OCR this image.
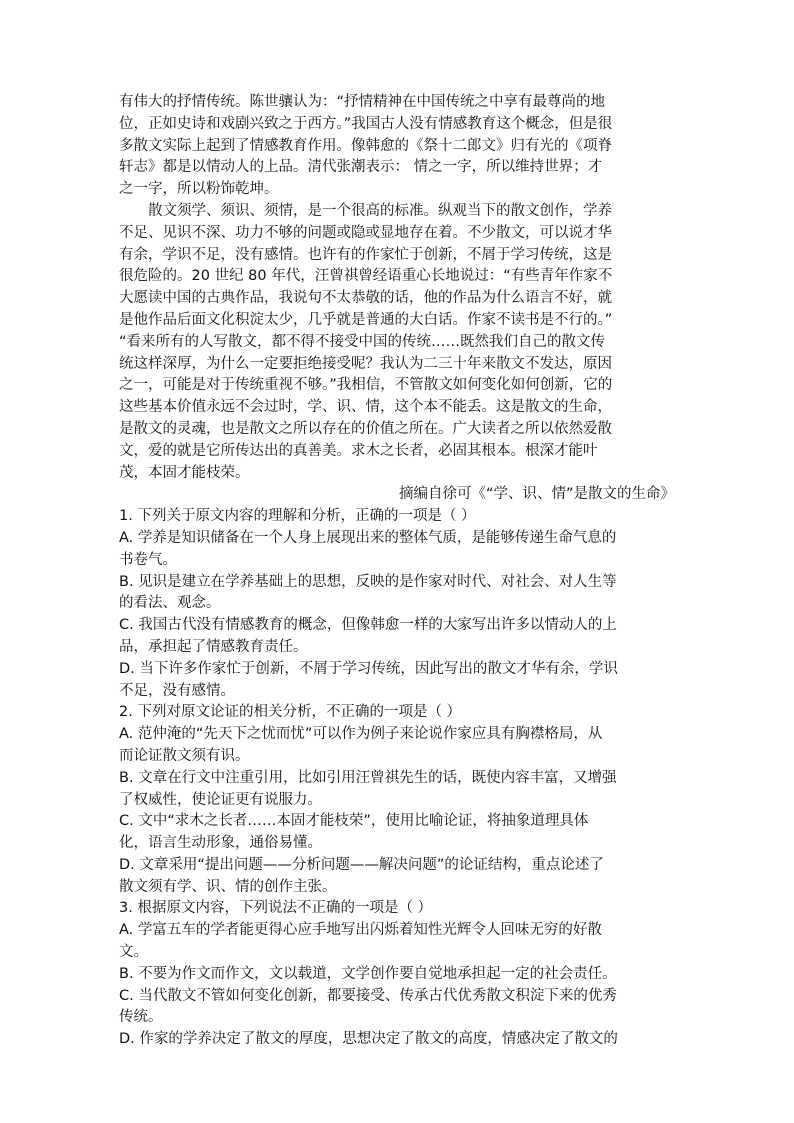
有伟大的抒情传统。陈世骧认为：“抒情精神在中国传统之中享有最尊尚的地
位，正如史诗和戏剧兴致之于西方。”我国古人没有情感教育这个概念，但是很
多散文实际上起到了情感教育作用。像韩愈的《祭十二郎文》归有光的《项脊
轩志》都是以情动人的上品。清代张潮表示： 情之一字，所以维持世界；才
之一字，所以粉饰乾坤。
散文须学、须识、须情，是一个很高的标准。纵观当下的散文创作，学养
不足、见识不深、功力不够的问题或隐或显地存在着。不少散文，可以说才华
有余，学识不足，没有感情。也许有的作家忙于创新，不屑于学习传统，这是
很危险的。20 世纪 80 年代，汪曾祺曾经语重心长地说过：“有些青年作家不
大愿读中国的古典作品，我说句不太恭敬的话，他的作品为什么语言不好，就
是他作品后面文化积淀太少，几乎就是普通的大白话。作家不读书是不行的。”
“看来所有的人写散文，都不得不接受中国的传统……既然我们自己的散文传
统这样深厚，为什么一定要拒绝接受呢？我认为二三十年来散文不发达，原因
之一，可能是对于传统重视不够。”我相信，不管散文如何变化如何创新，它的
这些基本价值永远不会过时，学、识、情，这个本不能丢。这是散文的生命，
是散文的灵魂，也是散文之所以存在的价值之所在。广大读者之所以依然爱散
文，爱的就是它所传达出的真善美。求木之长者，必固其根本。根深才能叶
茂，本固才能枝荣。
摘编自徐可《“学、识、情”是散文的生命》
1. 下列关于原文内容的理解和分析，正确的一项是（ ）
A. 学养是知识储备在一个人身上展现出来的整体气质，是能够传递生命气息的
书卷气。
B. 见识是建立在学养基础上的思想，反映的是作家对时代、对社会、对人生等
的看法、观念。
C. 我国古代没有情感教育的概念，但像韩愈一样的大家写出许多以情动人的上
品，承担起了情感教育责任。
D. 当下许多作家忙于创新，不屑于学习传统，因此写出的散文才华有余，学识
不足，没有感情。
2. 下列对原文论证的相关分析，不正确的一项是（ ）
A. 范仲淹的“先天下之忧而忧”可以作为例子来论说作家应具有胸襟格局，从
而论证散文须有识。
B. 文章在行文中注重引用，比如引用汪曾祺先生的话，既使内容丰富，又增强
了权威性，使论证更有说服力。
C. 文中“求木之长者……本固才能枝荣”，使用比喻论证，将抽象道理具体
化，语言生动形象，通俗易懂。
D. 文章采用“提出问题——分析问题——解决问题”的论证结构，重点论述了
散文须有学、识、情的创作主张。
3. 根据原文内容，下列说法不正确的一项是（ ）
A. 学富五车的学者能更得心应手地写出闪烁着知性光辉令人回味无穷的好散
文。
B. 不要为作文而作文，文以载道，文学创作要自觉地承担起一定的社会责任。
C. 当代散文不管如何变化创新，都要接受、传承古代优秀散文积淀下来的优秀
传统。
D. 作家的学养决定了散文的厚度，思想决定了散文的高度，情感决定了散文的
